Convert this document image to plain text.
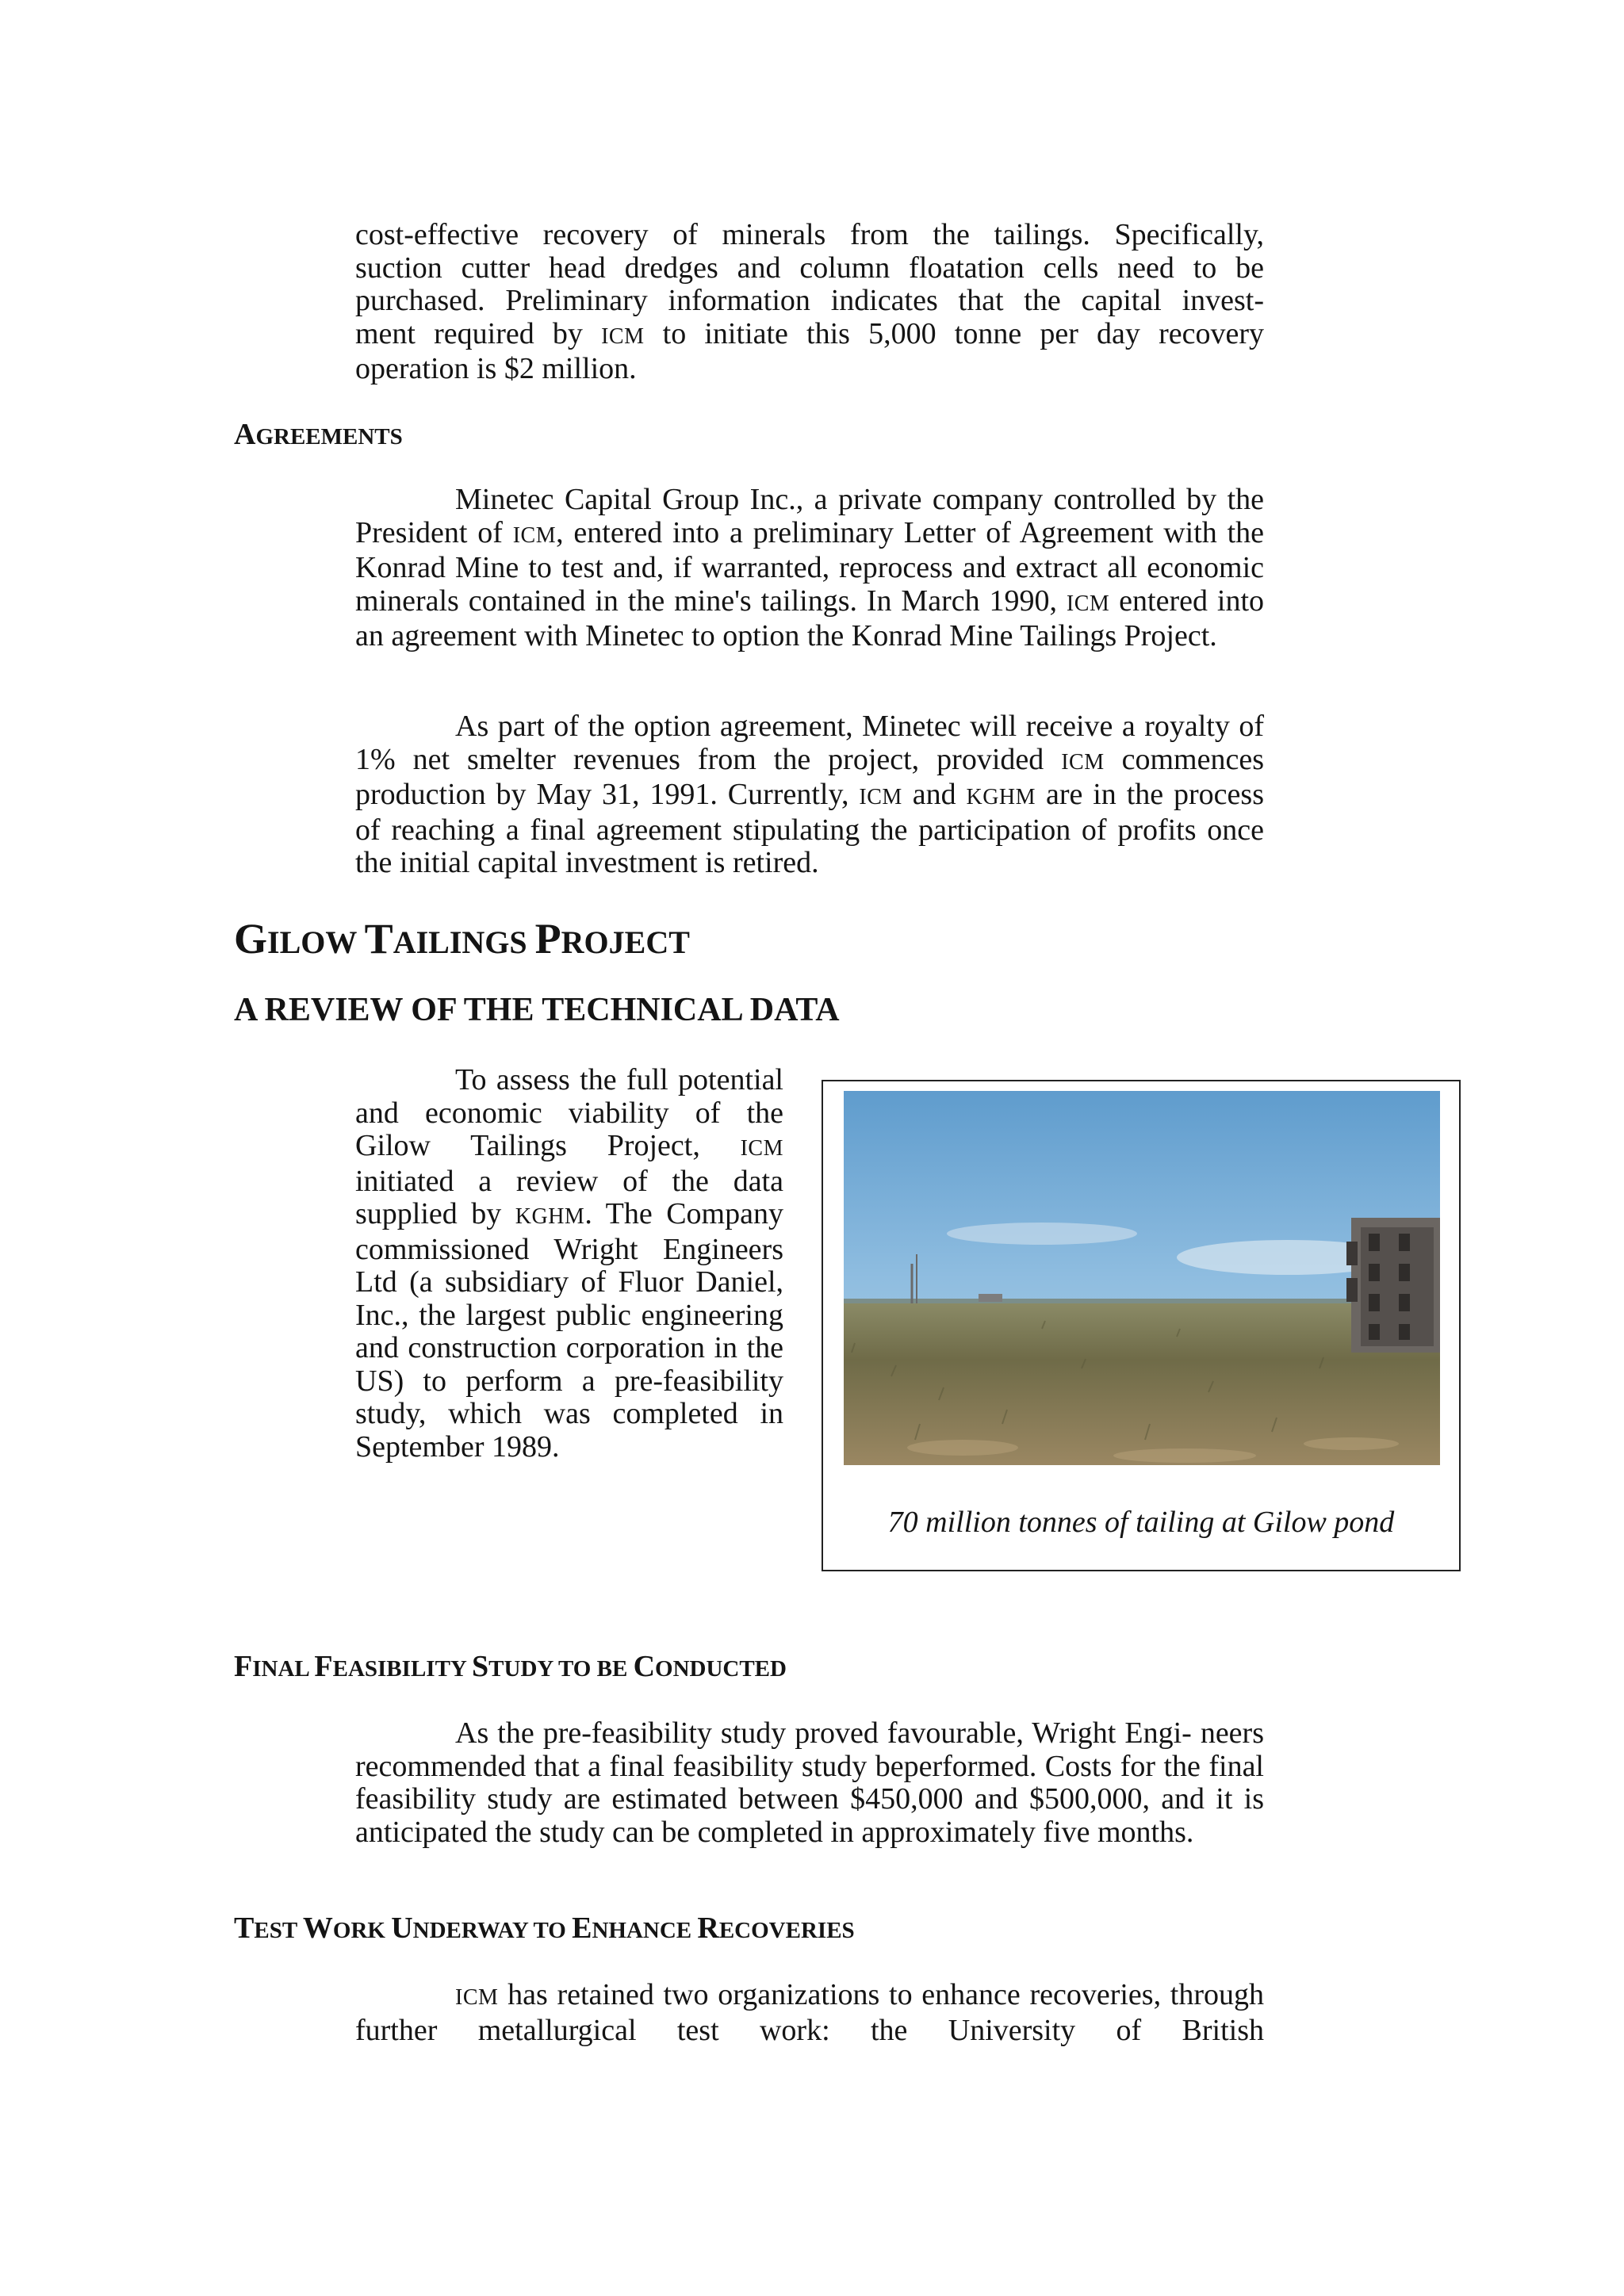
cost-effective recovery of minerals from the tailings. Specifically,
suction cutter head dredges and column floatation cells need to be
purchased. Preliminary information indicates that the capital invest-
ment required by ICM to initiate this 5,000 tonne per day recovery
operation is $2 million.
AGREEMENTS
Minetec Capital Group Inc., a private company controlled by the President of ICM, entered into a preliminary Letter of Agreement with the Konrad Mine to test and, if warranted, reprocess and extract all economic minerals contained in the mine's tailings. In March 1990, ICM entered into an agreement with Minetec to option the Konrad Mine Tailings Project.
As part of the option agreement, Minetec will receive a royalty of 1% net smelter revenues from the project, provided ICM commences production by May 31, 1991. Currently, ICM and KGHM are in the process of reaching a final agreement stipulating the participation of profits once the initial capital investment is retired.
GILOW TAILINGS PROJECT
A REVIEW OF THE TECHNICAL DATA
To assess the full potential and economic viability of the Gilow Tailings Project, ICM initiated a review of the data supplied by KGHM. The Company commissioned Wright Engineers Ltd (a subsidiary of Fluor Daniel, Inc., the largest public engineering and construction corporation in the US) to perform a pre-feasibility study, which was completed in September 1989.
70 million tonnes of tailing at Gilow pond
FINAL FEASIBILITY STUDY TO BE CONDUCTED
As the pre-feasibility study proved favourable, Wright Engi- neers recommended that a final feasibility study beperformed. Costs for the final feasibility study are estimated between $450,000 and $500,000, and it is anticipated the study can be completed in approximately five months.
TEST WORK UNDERWAY TO ENHANCE RECOVERIES
ICM has retained two organizations to enhance recoveries, through further metallurgical test work: the University of British
